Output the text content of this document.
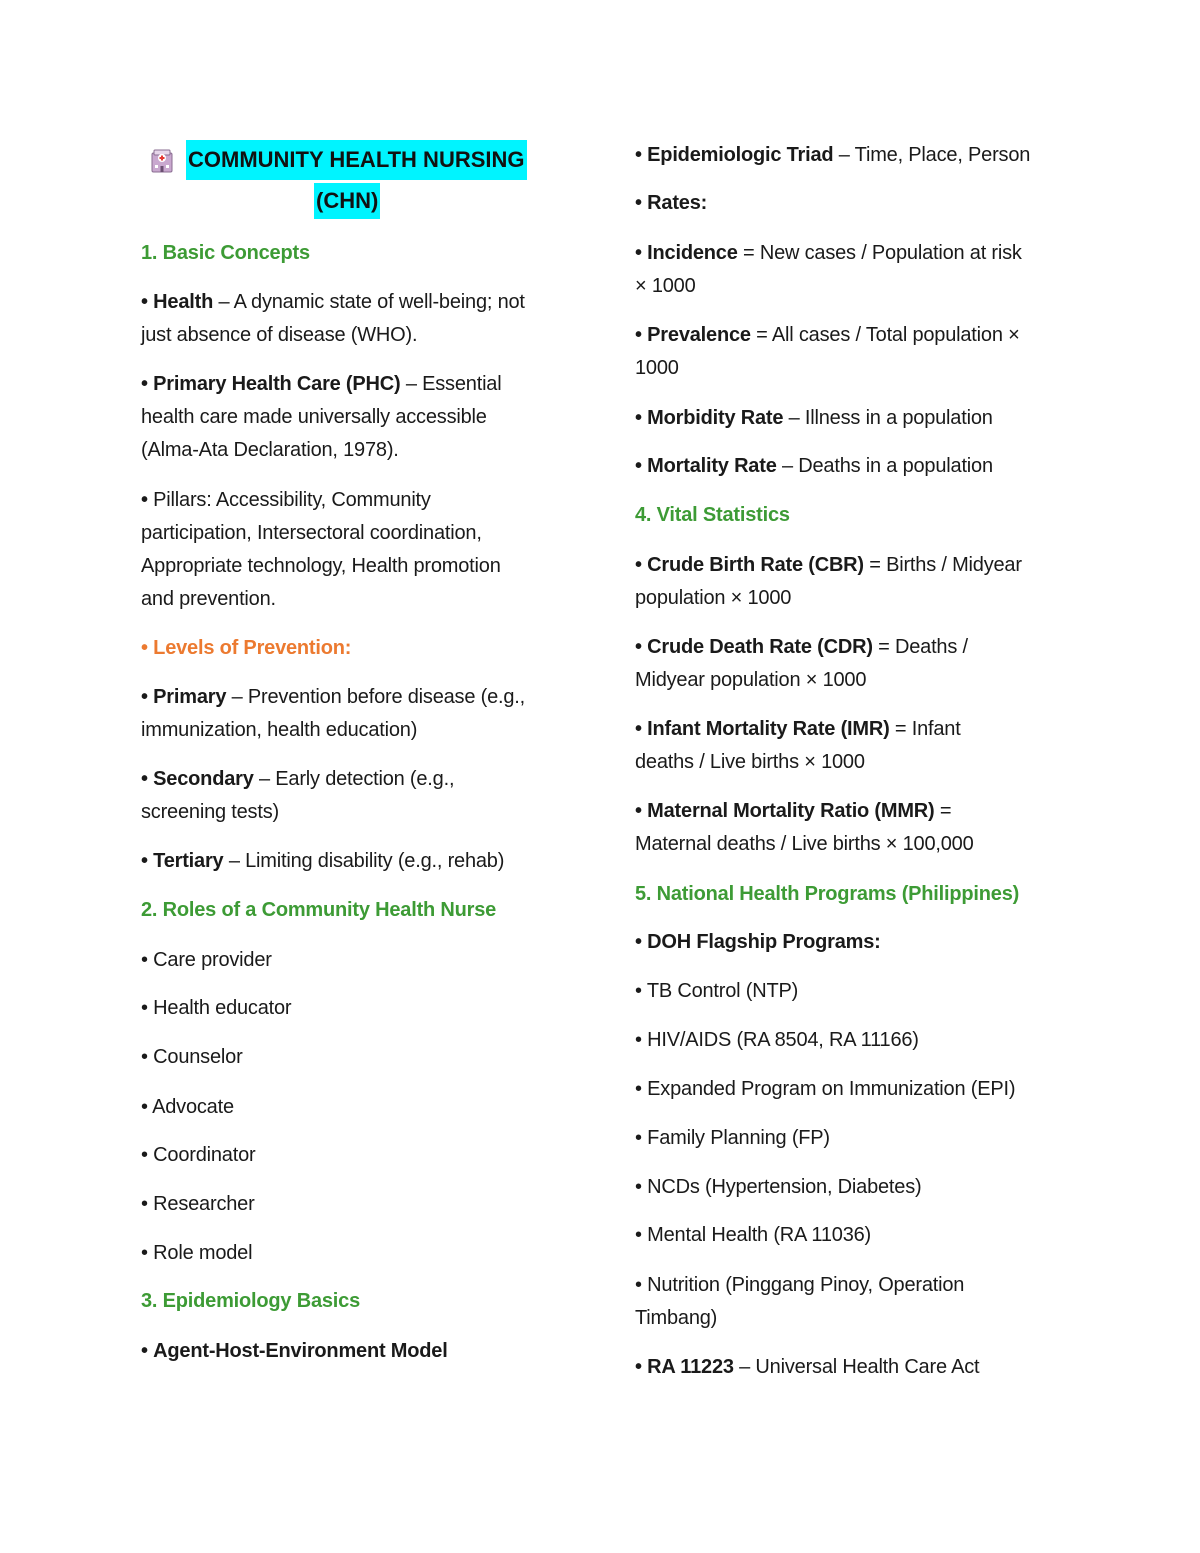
COMMUNITY HEALTH NURSING
(CHN)
1. Basic Concepts
• Health – A dynamic state of well-being; not
just absence of disease (WHO).
• Primary Health Care (PHC) – Essential
health care made universally accessible
(Alma-Ata Declaration, 1978).
• Pillars: Accessibility, Community
participation, Intersectoral coordination,
Appropriate technology, Health promotion
and prevention.
• Levels of Prevention:
• Primary – Prevention before disease (e.g.,
immunization, health education)
• Secondary – Early detection (e.g.,
screening tests)
• Tertiary – Limiting disability (e.g., rehab)
2. Roles of a Community Health Nurse
• Care provider
• Health educator
• Counselor
• Advocate
• Coordinator
• Researcher
• Role model
3. Epidemiology Basics
• Agent-Host-Environment Model
• Epidemiologic Triad – Time, Place, Person
• Rates:
• Incidence = New cases / Population at risk
× 1000
• Prevalence = All cases / Total population ×
1000
• Morbidity Rate – Illness in a population
• Mortality Rate – Deaths in a population
4. Vital Statistics
• Crude Birth Rate (CBR) = Births / Midyear
population × 1000
• Crude Death Rate (CDR) = Deaths /
Midyear population × 1000
• Infant Mortality Rate (IMR) = Infant
deaths / Live births × 1000
• Maternal Mortality Ratio (MMR) =
Maternal deaths / Live births × 100,000
5. National Health Programs (Philippines)
• DOH Flagship Programs:
• TB Control (NTP)
• HIV/AIDS (RA 8504, RA 11166)
• Expanded Program on Immunization (EPI)
• Family Planning (FP)
• NCDs (Hypertension, Diabetes)
• Mental Health (RA 11036)
• Nutrition (Pinggang Pinoy, Operation
Timbang)
• RA 11223 – Universal Health Care Act
